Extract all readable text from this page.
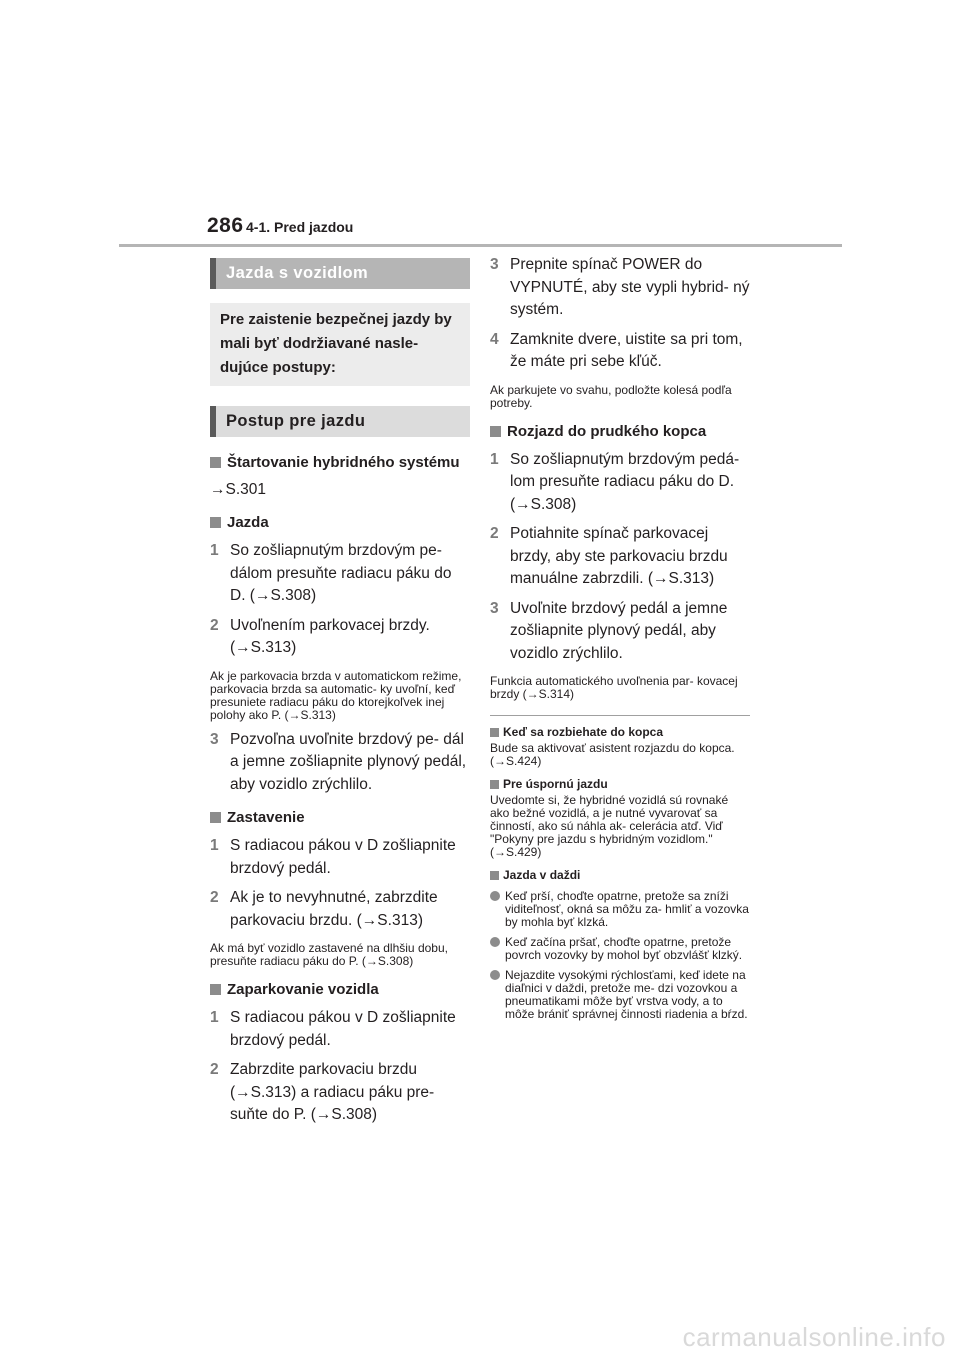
286 4-1. Pred jazdou
Jazda s vozidlom
Pre zaistenie bezpečnej jazdy by mali byť dodržiavané nasle- dujúce postupy:
Postup pre jazdu
Štartovanie hybridného systému
→S.301
Jazda
1 So zošliapnutým brzdovým pe- dálom presuňte radiacu páku do D. (→S.308)
2 Uvoľnením parkovacej brzdy. (→S.313)
Ak je parkovacia brzda v automatickom režime, parkovacia brzda sa automatic- ky uvoľní, keď presuniete radiacu páku do ktorejkoľvek inej polohy ako P. (→S.313)
3 Pozvoľna uvoľnite brzdový pe- dál a jemne zošliapnite plynový pedál, aby vozidlo zrýchlilo.
Zastavenie
1 S radiacou pákou v D zošliapnite brzdový pedál.
2 Ak je to nevyhnutné, zabrzdite parkovaciu brzdu. (→S.313)
Ak má byť vozidlo zastavené na dlhšiu dobu, presuňte radiacu páku do P. (→S.308)
Zaparkovanie vozidla
1 S radiacou pákou v D zošliapnite brzdový pedál.
2 Zabrzdite parkovaciu brzdu (→S.313) a radiacu páku pre- suňte do P. (→S.308)
3 Prepnite spínač POWER do VYPNUTÉ, aby ste vypli hybrid- ný systém.
4 Zamknite dvere, uistite sa pri tom, že máte pri sebe kľúč.
Ak parkujete vo svahu, podložte kolesá podľa potreby.
Rozjazd do prudkého kopca
1 So zošliapnutým brzdovým pedá- lom presuňte radiacu páku do D. (→S.308)
2 Potiahnite spínač parkovacej brzdy, aby ste parkovaciu brzdu manuálne zabrzdili. (→S.313)
3 Uvoľnite brzdový pedál a jemne zošliapnite plynový pedál, aby vozidlo zrýchlilo.
Funkcia automatického uvoľnenia par- kovacej brzdy (→S.314)
Keď sa rozbiehate do kopca
Bude sa aktivovať asistent rozjazdu do kopca. (→S.424)
Pre úspornú jazdu
Uvedomte si, že hybridné vozidlá sú rovnaké ako bežné vozidlá, a je nutné vyvarovať sa činností, ako sú náhla ak- celerácia atď. Viď "Pokyny pre jazdu s hybridným vozidlom." (→S.429)
Jazda v daždi
Keď prší, choďte opatrne, pretože sa zníži viditeľnosť, okná sa môžu za- hmliť a vozovka by mohla byť klzká.
Keď začína pršať, choďte opatrne, pretože povrch vozovky by mohol byť obzvlášť klzký.
Nejazdite vysokými rýchlosťami, keď idete na diaľnici v daždi, pretože me- dzi vozovkou a pneumatikami môže byť vrstva vody, a to môže brániť správnej činnosti riadenia a bŕzd.
carmanualsonline.info
